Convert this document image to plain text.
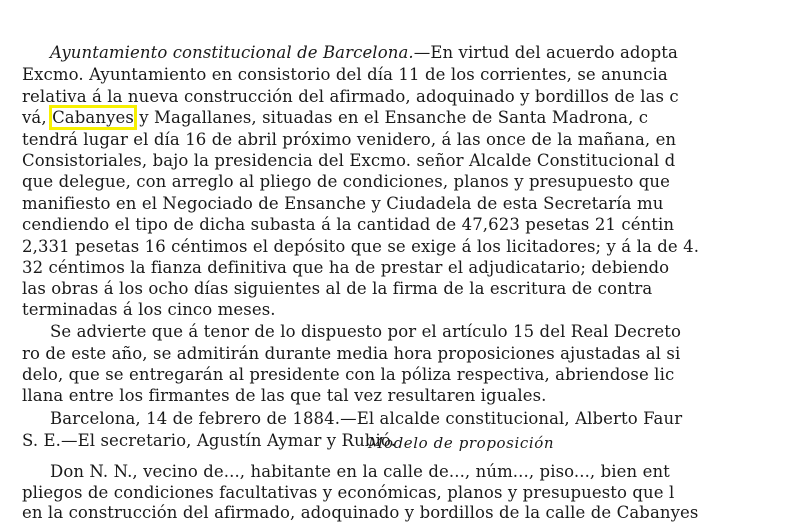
Ayuntamiento constitucional de Barcelona.—En virtud del acuerdo adopta
Excmo. Ayuntamiento en consistorio del día 11 de los corrientes, se anuncia
relativa á la nueva construcción del afirmado, adoquinado y bordillos de las c
vá, Cabanyes y Magallanes, situadas en el Ensanche de Santa Madrona, c
tendrá lugar el día 16 de abril próximo venidero, á las once de la mañana, en
Consistoriales, bajo la presidencia del Excmo. señor Alcalde Constitucional d
que delegue, con arreglo al pliego de condiciones, planos y presupuesto que
manifiesto en el Negociado de Ensanche y Ciudadela de esta Secretaría mu
cendiendo el tipo de dicha subasta á la cantidad de 47,623 pesetas 21 céntin
2,331 pesetas 16 céntimos el depósito que se exige á los licitadores; y á la de 4.
32 céntimos la fianza definitiva que ha de prestar el adjudicatario; debiendo
las obras á los ocho días siguientes al de la firma de la escritura de contra
terminadas á los cinco meses.
Se advierte que á tenor de lo dispuesto por el artículo 15 del Real Decreto
ro de este año, se admitirán durante media hora proposiciones ajustadas al si
delo, que se entregarán al presidente con la póliza respectiva, abriendose lic
llana entre los firmantes de las que tal vez resultaren iguales.
Barcelona, 14 de febrero de 1884.—El alcalde constitucional, Alberto Faur
S. E.—El secretario, Agustín Aymar y Rubió.
Modelo de proposición
Don N. N., vecino de..., habitante en la calle de..., núm..., piso..., bien ent
pliegos de condiciones facultativas y económicas, planos y presupuesto que l
en la construcción del afirmado, adoquinado y bordillos de la calle de Cabanyes
